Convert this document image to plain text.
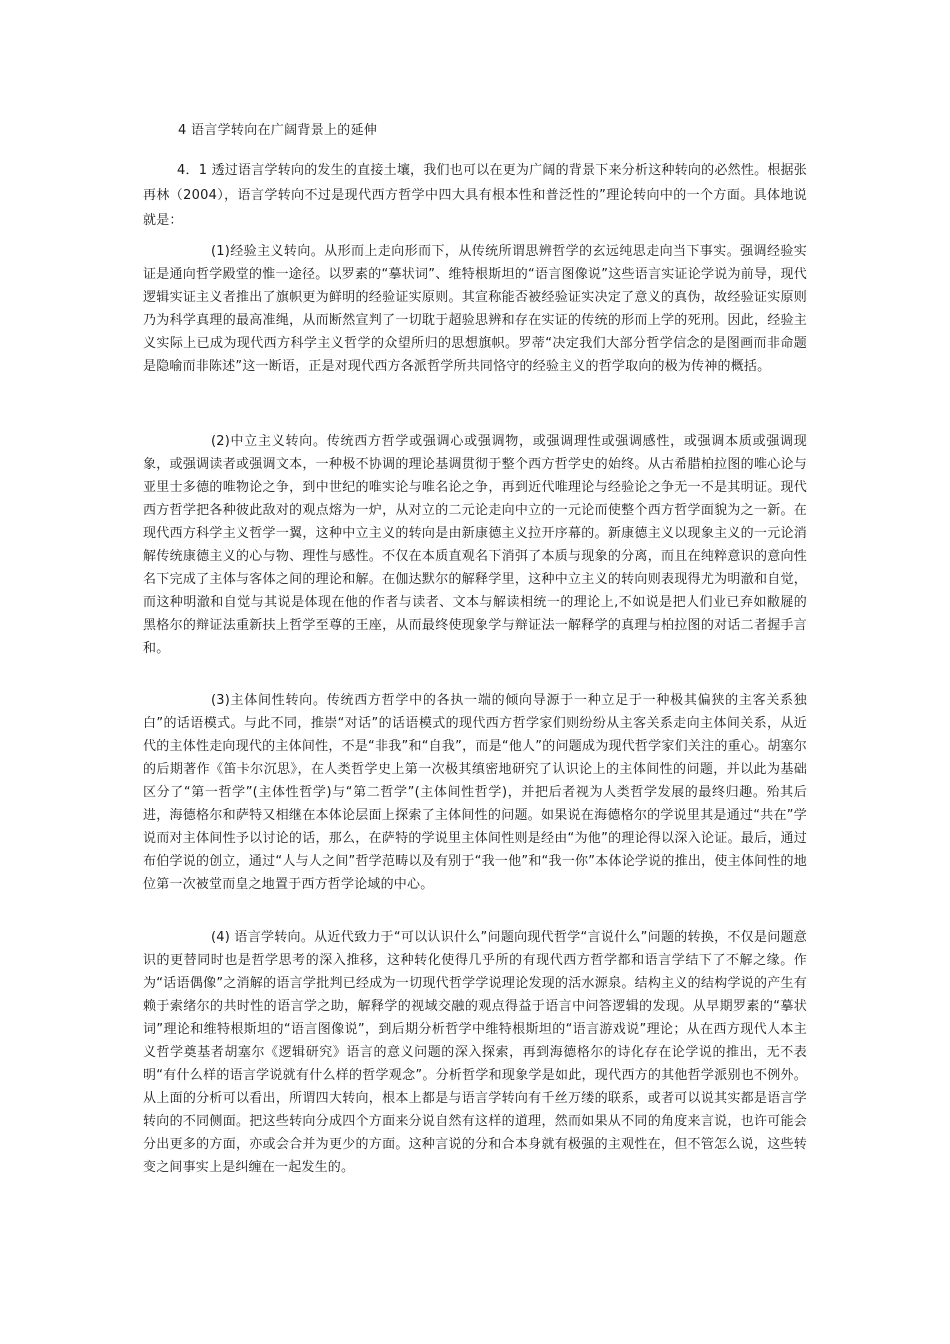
4 语言学转向在广阔背景上的延伸

4．1 透过语言学转向的发生的直接土壤，我们也可以在更为广阔的背景下来分析这种转向的必然性。根据张再林（2004），语言学转向不过是现代西方哲学中四大具有根本性和普泛性的”理论转向中的一个方面。具体地说就是：

(1)经验主义转向。从形而上走向形而下，从传统所谓思辨哲学的玄远纯思走向当下事实。强调经验实证是通向哲学殿堂的惟一途径。以罗素的“摹状词”、维特根斯坦的“语言图像说”这些语言实证论学说为前导，现代逻辑实证主义者推出了旗帜更为鲜明的经验证实原则。其宣称能否被经验证实决定了意义的真伪，故经验证实原则乃为科学真理的最高准绳，从而断然宣判了一切耽于超验思辨和存在实证的传统的形而上学的死刑。因此，经验主义实际上已成为现代西方科学主义哲学的众望所归的思想旗帜。罗蒂“决定我们大部分哲学信念的是图画而非命题是隐喻而非陈述”这一断语，正是对现代西方各派哲学所共同恪守的经验主义的哲学取向的极为传神的概括。

(2)中立主义转向。传统西方哲学或强调心或强调物，或强调理性或强调感性，或强调本质或强调现象，或强调读者或强调文本，一种极不协调的理论基调贯彻于整个西方哲学史的始终。从古希腊柏拉图的唯心论与亚里士多德的唯物论之争，到中世纪的唯实论与唯名论之争，再到近代唯理论与经验论之争无一不是其明证。现代西方哲学把各种彼此敌对的观点熔为一炉，从对立的二元论走向中立的一元论而使整个西方哲学面貌为之一新。在现代西方科学主义哲学一翼，这种中立主义的转向是由新康德主义拉开序幕的。新康德主义以现象主义的一元论消解传统康德主义的心与物、理性与感性。不仅在本质直观名下消弭了本质与现象的分离，而且在纯粹意识的意向性名下完成了主体与客体之间的理论和解。在伽达默尔的解释学里，这种中立主义的转向则表现得尤为明澈和自觉，而这种明澈和自觉与其说是体现在他的作者与读者、文本与解读相统一的理论上,不如说是把人们业已弃如敝屣的黑格尔的辩证法重新扶上哲学至尊的王座，从而最终使现象学与辩证法一解释学的真理与柏拉图的对话二者握手言和。

(3)主体间性转向。传统西方哲学中的各执一端的倾向导源于一种立足于一种极其偏狭的主客关系独白”的话语模式。与此不同，推崇“对话”的话语模式的现代西方哲学家们则纷纷从主客关系走向主体间关系，从近代的主体性走向现代的主体间性，不是“非我”和“自我”，而是“他人”的问题成为现代哲学家们关注的重心。胡塞尔的后期著作《笛卡尔沉思》，在人类哲学史上第一次极其缜密地研究了认识论上的主体间性的问题，并以此为基础区分了“第一哲学”(主体性哲学)与“第二哲学”(主体间性哲学)，并把后者视为人类哲学发展的最终归趣。殆其后进，海德格尔和萨特又相继在本体论层面上探索了主体间性的问题。如果说在海德格尔的学说里其是通过“共在”学说而对主体间性予以讨论的话，那么，在萨特的学说里主体间性则是经由“为他”的理论得以深入论证。最后，通过布伯学说的创立，通过“人与人之间”哲学范畴以及有别于“我一他”和“我一你”本体论学说的推出，使主体间性的地位第一次被堂而皇之地置于西方哲学论域的中心。

(4) 语言学转向。从近代致力于“可以认识什么”问题向现代哲学“言说什么”问题的转换，不仅是问题意识的更替同时也是哲学思考的深入推移，这种转化使得几乎所的有现代西方哲学都和语言学结下了不解之缘。作为“话语偶像”之消解的语言学批判已经成为一切现代哲学学说理论发现的活水源泉。结构主义的结构学说的产生有赖于索绪尔的共时性的语言学之助，解释学的视域交融的观点得益于语言中问答逻辑的发现。从早期罗素的“摹状词”理论和维特根斯坦的“语言图像说”，到后期分析哲学中维特根斯坦的“语言游戏说”理论；从在西方现代人本主义哲学奠基者胡塞尔《逻辑研究》语言的意义问题的深入探索，再到海德格尔的诗化存在论学说的推出，无不表明“有什么样的语言学说就有什么样的哲学观念”。分析哲学和现象学是如此，现代西方的其他哲学派别也不例外。从上面的分析可以看出，所谓四大转向，根本上都是与语言学转向有千丝万缕的联系，或者可以说其实都是语言学转向的不同侧面。把这些转向分成四个方面来分说自然有这样的道理，然而如果从不同的角度来言说，也许可能会分出更多的方面，亦或会合并为更少的方面。这种言说的分和合本身就有极强的主观性在，但不管怎么说，这些转变之间事实上是纠缠在一起发生的。
